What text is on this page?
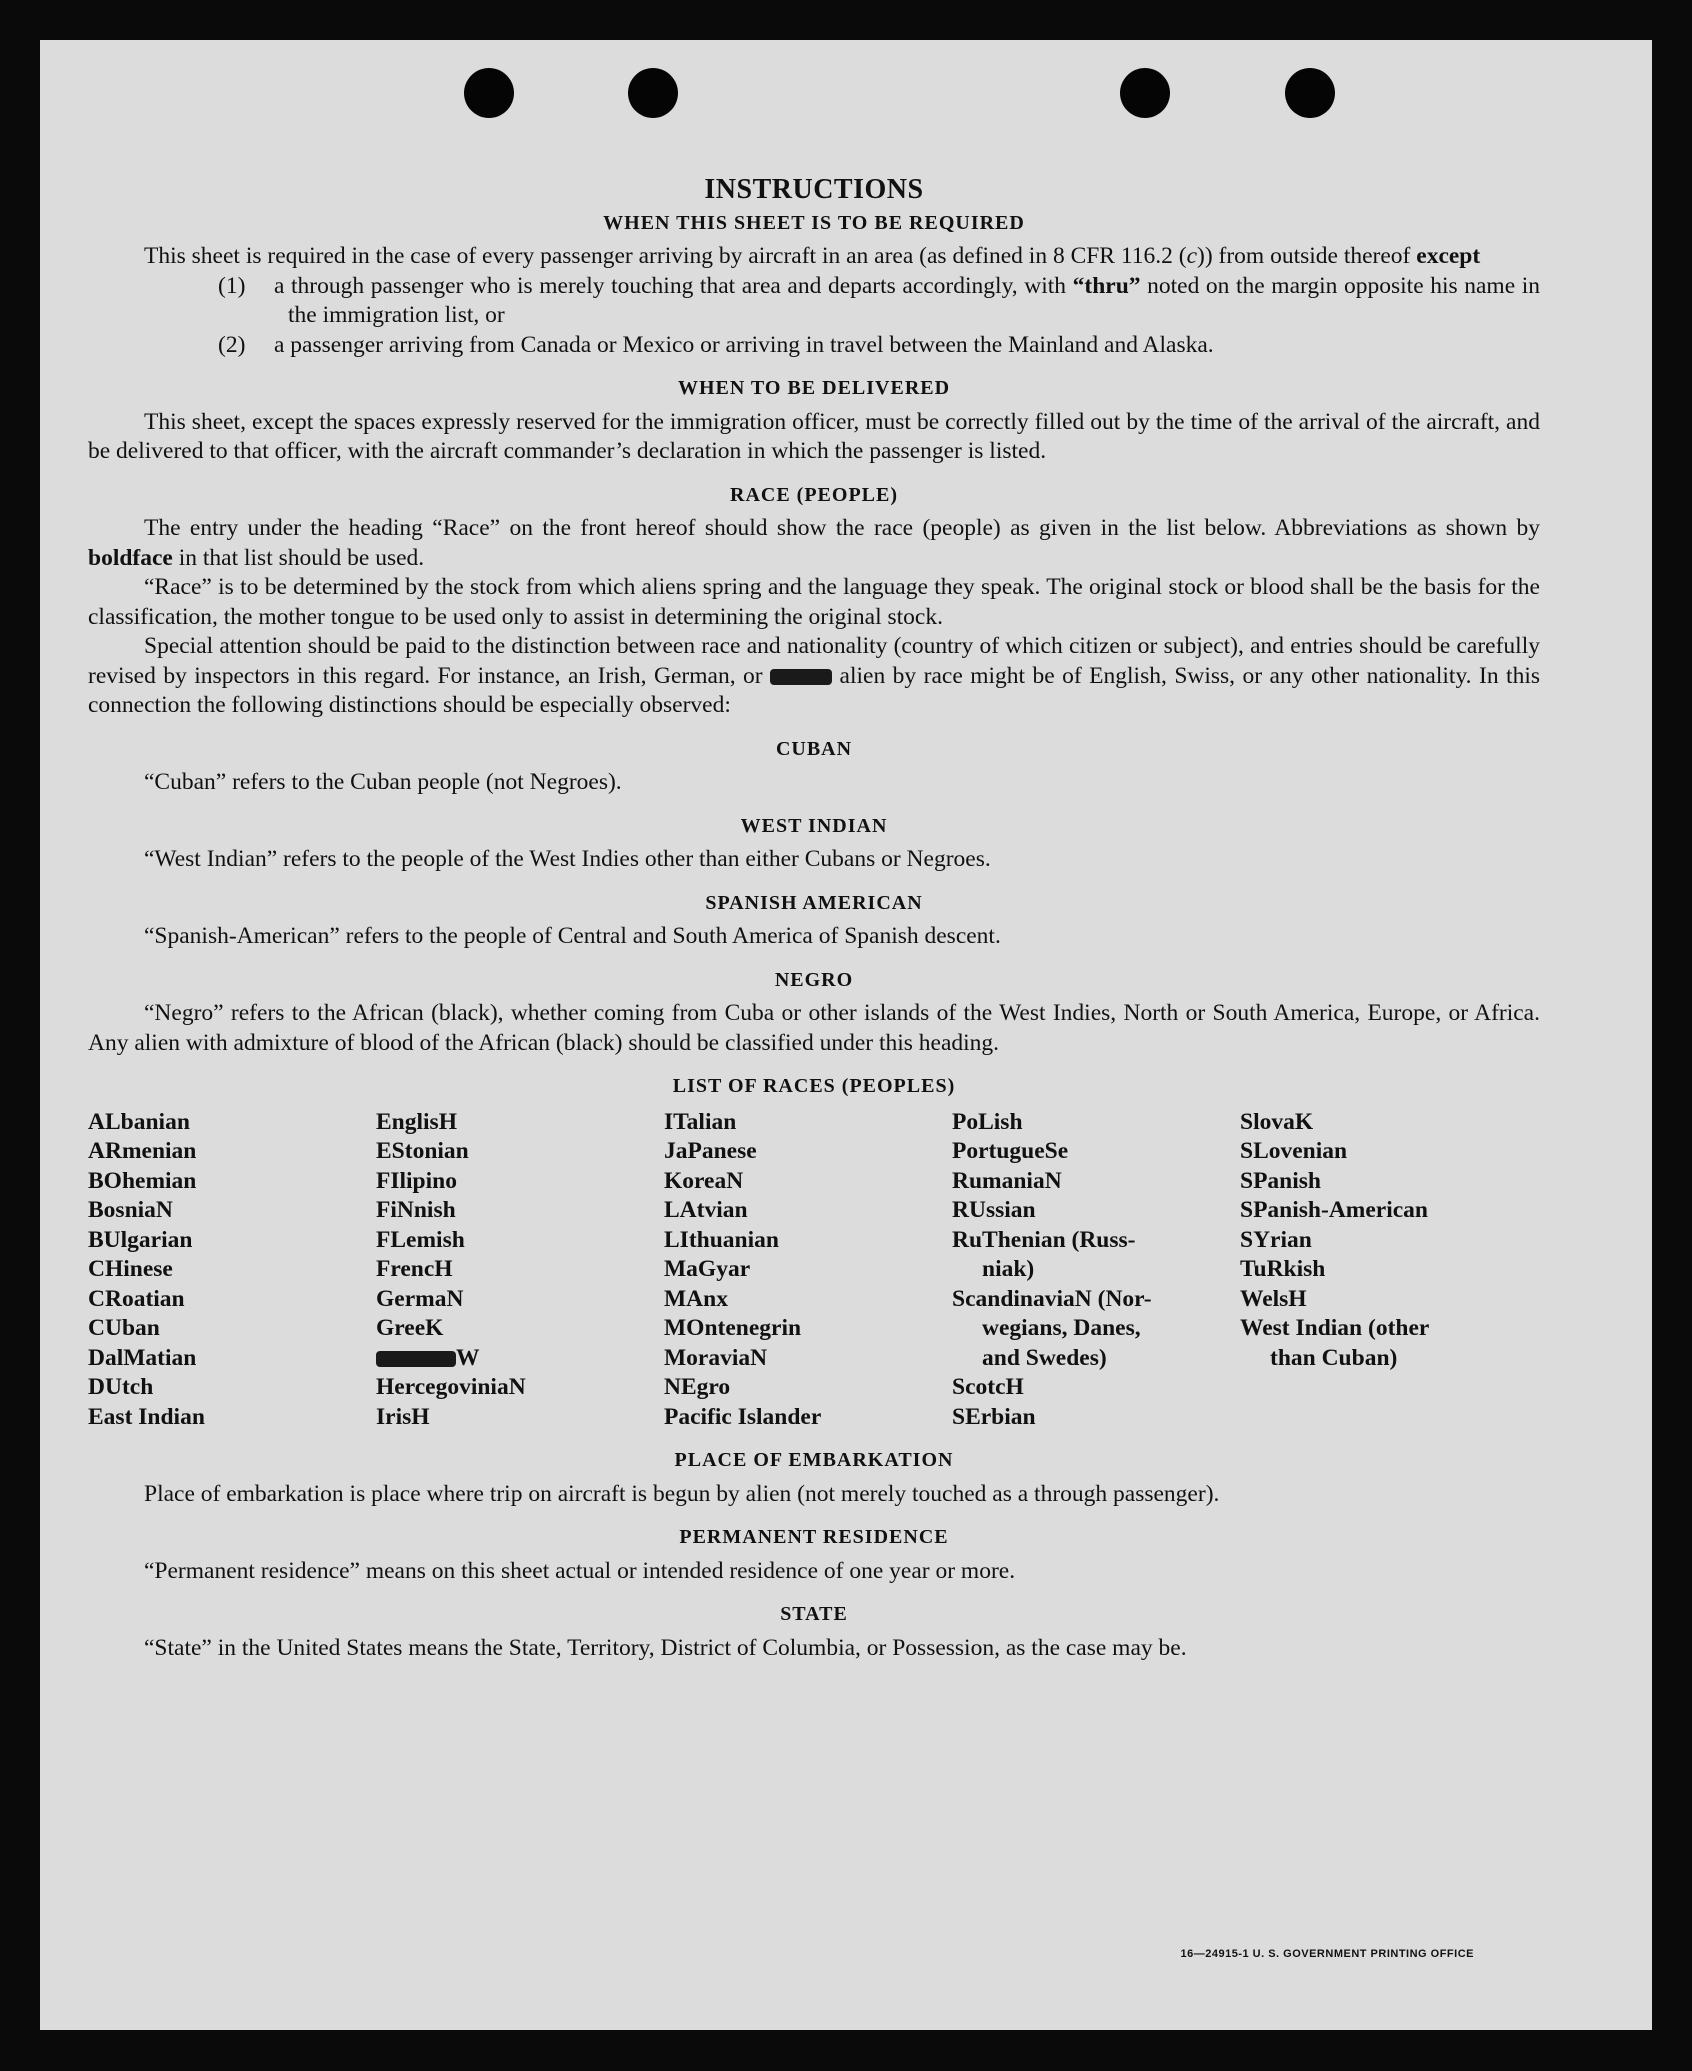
INSTRUCTIONS
WHEN THIS SHEET IS TO BE REQUIRED

This sheet is required in the case of every passenger arriving by aircraft in an area (as defined in 8 CFR 116.2 (c)) from outside thereof except

(1) a through passenger who is merely touching that area and departs accordingly, with “thru” noted on the margin opposite his name in the immigration list, or

(2) a passenger arriving from Canada or Mexico or arriving in travel between the Mainland and Alaska.

WHEN TO BE DELIVERED

This sheet, except the spaces expressly reserved for the immigration officer, must be correctly filled out by the time of the arrival of the aircraft, and be delivered to that officer, with the aircraft commander’s declaration in which the passenger is listed.

RACE (PEOPLE)

The entry under the heading “Race” on the front hereof should show the race (people) as given in the list below. Abbreviations as shown by boldface in that list should be used.

“Race” is to be determined by the stock from which aliens spring and the language they speak. The original stock or blood shall be the basis for the classification, the mother tongue to be used only to assist in determining the original stock.

Special attention should be paid to the distinction between race and nationality (country of which citizen or subject), and entries should be carefully revised by inspectors in this regard. For instance, an Irish, German, or	alien by race might be of English, Swiss, or any other nationality. In this connection the following distinctions should be especially observed:

CUBAN

“Cuban” refers to the Cuban people (not Negroes).

WEST INDIAN

“West Indian” refers to the people of the West Indies other than either Cubans or Negroes.

SPANISH AMERICAN

“Spanish-American” refers to the people of Central and South America of Spanish descent.

NEGRO

“Negro” refers to the African (black), whether coming from Cuba or other islands of the West Indies, North or South America, Europe, or Africa. Any alien with admixture of blood of the African (black) should be classified under this heading.

LIST OF RACES (PEOPLES)
ALbanian
ARmenian
BOhemian
BosniaN
BUlgarian
CHinese
CRoatian
CUban
DalMatian
DUtch
East Indian
EnglisH
EStonian
FIlipino
FiNnish
FLemish
FrencH
GermaN
GreeK
W
HercegoviniaN
IrisH
ITalian
JaPanese
KoreaN
LAtvian
LIthuanian
MaGyar
MAnx
MOntenegrin
MoraviaN
NEgro
Pacific Islander
PoLish
PortugueSe
RumaniaN
RUssian
RuThenian (Russ-
niak)
ScandinaviaN (Nor-
wegians, Danes,
and Swedes)
ScotcH
SErbian
SlovaK
SLovenian
SPanish
SPanish-American
SYrian
TuRkish
WelsH
West Indian (other
than Cuban)
PLACE OF EMBARKATION

Place of embarkation is place where trip on aircraft is begun by alien (not merely touched as a through passenger).

PERMANENT RESIDENCE

“Permanent residence” means on this sheet actual or intended residence of one year or more.

STATE

“State” in the United States means the State, Territory, District of Columbia, or Possession, as the case may be.

16—24915-1 U. S. GOVERNMENT PRINTING OFFICE
